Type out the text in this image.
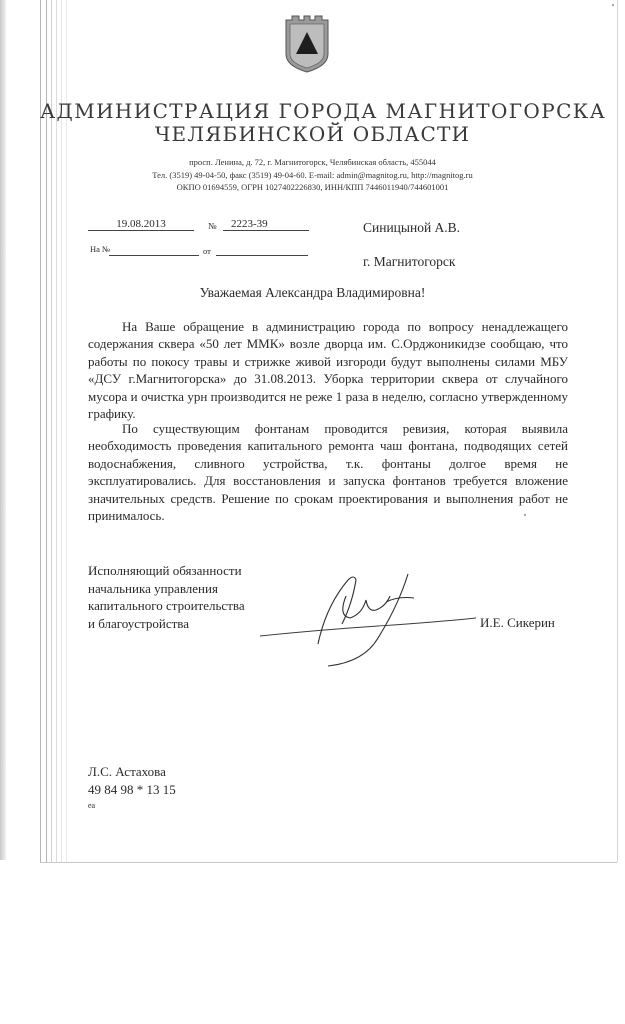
АДМИНИСТРАЦИЯ ГОРОДА МАГНИТОГОРСКА
ЧЕЛЯБИНСКОЙ ОБЛАСТИ
просп. Ленина, д. 72, г. Магнитогорск, Челябинская область, 455044
Тел. (3519) 49-04-50, факс (3519) 49-04-60. E-mail: admin@magnitog.ru, http://magnitog.ru
ОКПО 01694559, ОГРН 1027402226830, ИНН/КПП 7446011940/744601001
19.08.2013	№	2223-39
На №	от
Синицыной А.В.
г. Магнитогорск
Уважаемая Александра Владимировна!
На Ваше обращение в администрацию города по вопросу ненадлежащего содержания сквера «50 лет ММК» возле дворца им. С.Орджоникидзе сообщаю, что работы по покосу травы и стрижке живой изгороди будут выполнены силами МБУ «ДСУ г.Магнитогорска» до 31.08.2013. Уборка территории сквера от случайного мусора и очистка урн производится не реже 1 раза в неделю, согласно утвержденному графику.
По существующим фонтанам проводится ревизия, которая выявила необходимость проведения капитального ремонта чаш фонтана, подводящих сетей водоснабжения, сливного устройства, т.к. фонтаны долгое время не эксплуатировались. Для восстановления и запуска фонтанов требуется вложение значительных средств. Решение по срокам проектирования и выполнения работ не принималось.
Исполняющий обязанности
начальника управления
капитального строительства
и благоустройства	И.Е. Сикерин
Л.С. Астахова
49 84 98 * 13 15
ea
